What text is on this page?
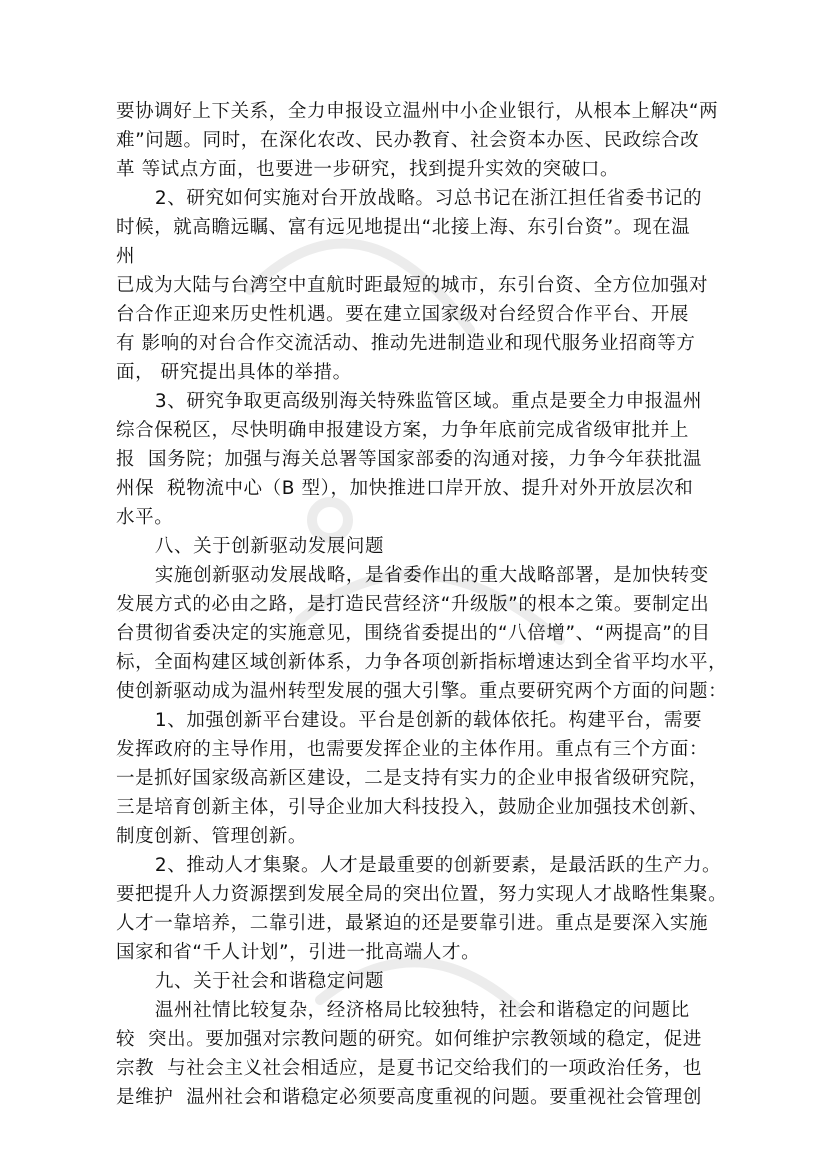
要协调好上下关系，全力申报设立温州中小企业银行，从根本上解决“两
难”问题。同时，在深化农改、民办教育、社会资本办医、民政综合改
革 等试点方面，也要进一步研究，找到提升实效的突破口。
2、研究如何实施对台开放战略。习总书记在浙江担任省委书记的
时候，就高瞻远瞩、富有远见地提出“北接上海、东引台资”。现在温
州
已成为大陆与台湾空中直航时距最短的城市，东引台资、全方位加强对
台合作正迎来历史性机遇。要在建立国家级对台经贸合作平台、开展
有 影响的对台合作交流活动、推动先进制造业和现代服务业招商等方
面， 研究提出具体的举措。
3、研究争取更高级别海关特殊监管区域。重点是要全力申报温州
综合保税区，尽快明确申报建设方案，力争年底前完成省级审批并上
报  国务院；加强与海关总署等国家部委的沟通对接，力争今年获批温
州保  税物流中心（B 型），加快推进口岸开放、提升对外开放层次和
水平。
八、关于创新驱动发展问题
实施创新驱动发展战略，是省委作出的重大战略部署，是加快转变
发展方式的必由之路，是打造民营经济“升级版”的根本之策。要制定出
台贯彻省委决定的实施意见，围绕省委提出的“八倍增”、“两提高”的目
标，全面构建区域创新体系，力争各项创新指标增速达到全省平均水平，
使创新驱动成为温州转型发展的强大引擎。重点要研究两个方面的问题：
1、加强创新平台建设。平台是创新的载体依托。构建平台，需要
发挥政府的主导作用，也需要发挥企业的主体作用。重点有三个方面：
一是抓好国家级高新区建设，二是支持有实力的企业申报省级研究院，
三是培育创新主体，引导企业加大科技投入，鼓励企业加强技术创新、
制度创新、管理创新。
2、推动人才集聚。人才是最重要的创新要素，是最活跃的生产力。
要把提升人力资源摆到发展全局的突出位置，努力实现人才战略性集聚。
人才一靠培养，二靠引进，最紧迫的还是要靠引进。重点是要深入实施
国家和省“千人计划”，引进一批高端人才。
九、关于社会和谐稳定问题
温州社情比较复杂，经济格局比较独特，社会和谐稳定的问题比
较  突出。要加强对宗教问题的研究。如何维护宗教领域的稳定，促进
宗教  与社会主义社会相适应，是夏书记交给我们的一项政治任务，也
是维护  温州社会和谐稳定必须要高度重视的问题。要重视社会管理创
